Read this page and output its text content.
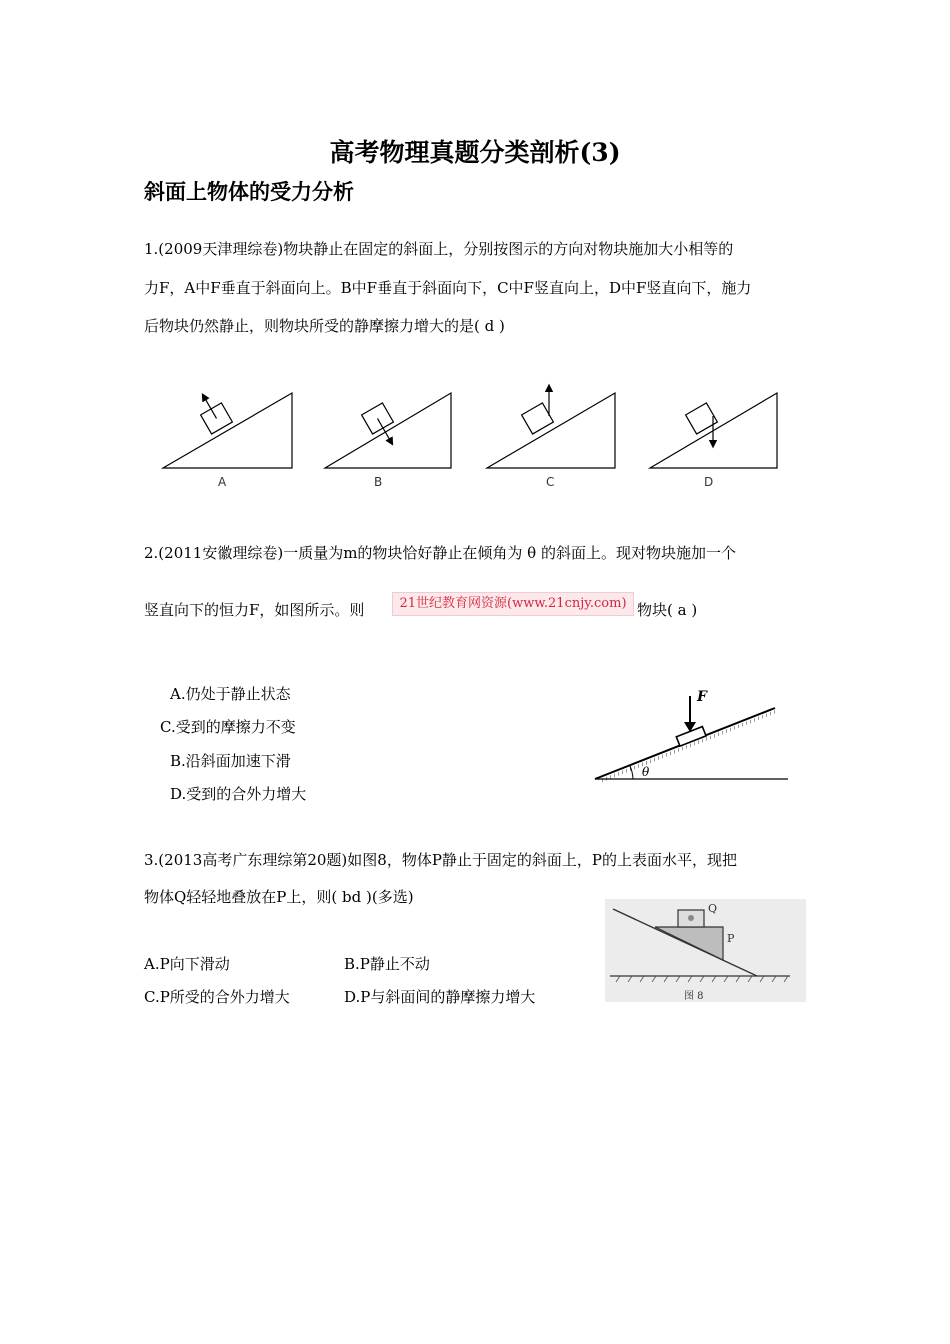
高考物理真题分类剖析(3)
斜面上物体的受力分析
1.(2009天津理综卷)物块静止在固定的斜面上，分别按图示的方向对物块施加大小相等的
力F，A中F垂直于斜面向上。B中F垂直于斜面向下，C中F竖直向上，D中F竖直向下，施力
后物块仍然静止，则物块所受的静摩擦力增大的是( d )
A	B	C	D
2.(2011安徽理综卷)一质量为m的物块恰好静止在倾角为 θ 的斜面上。现对物块施加一个
竖直向下的恒力F，如图所示。则	21世纪教育网资源(www.21cnjy.com) 物块( a )
A.仍处于静止状态
C.受到的摩擦力不变
B.沿斜面加速下滑
D.受到的合外力增大
F
θ
3.(2013高考广东理综第20题)如图8，物体P静止于固定的斜面上，P的上表面水平，现把
物体Q轻轻地叠放在P上，则( bd )(多选)
A.P向下滑动	B.P静止不动
C.P所受的合外力增大	D.P与斜面间的静摩擦力增大
Q
P
图 8
